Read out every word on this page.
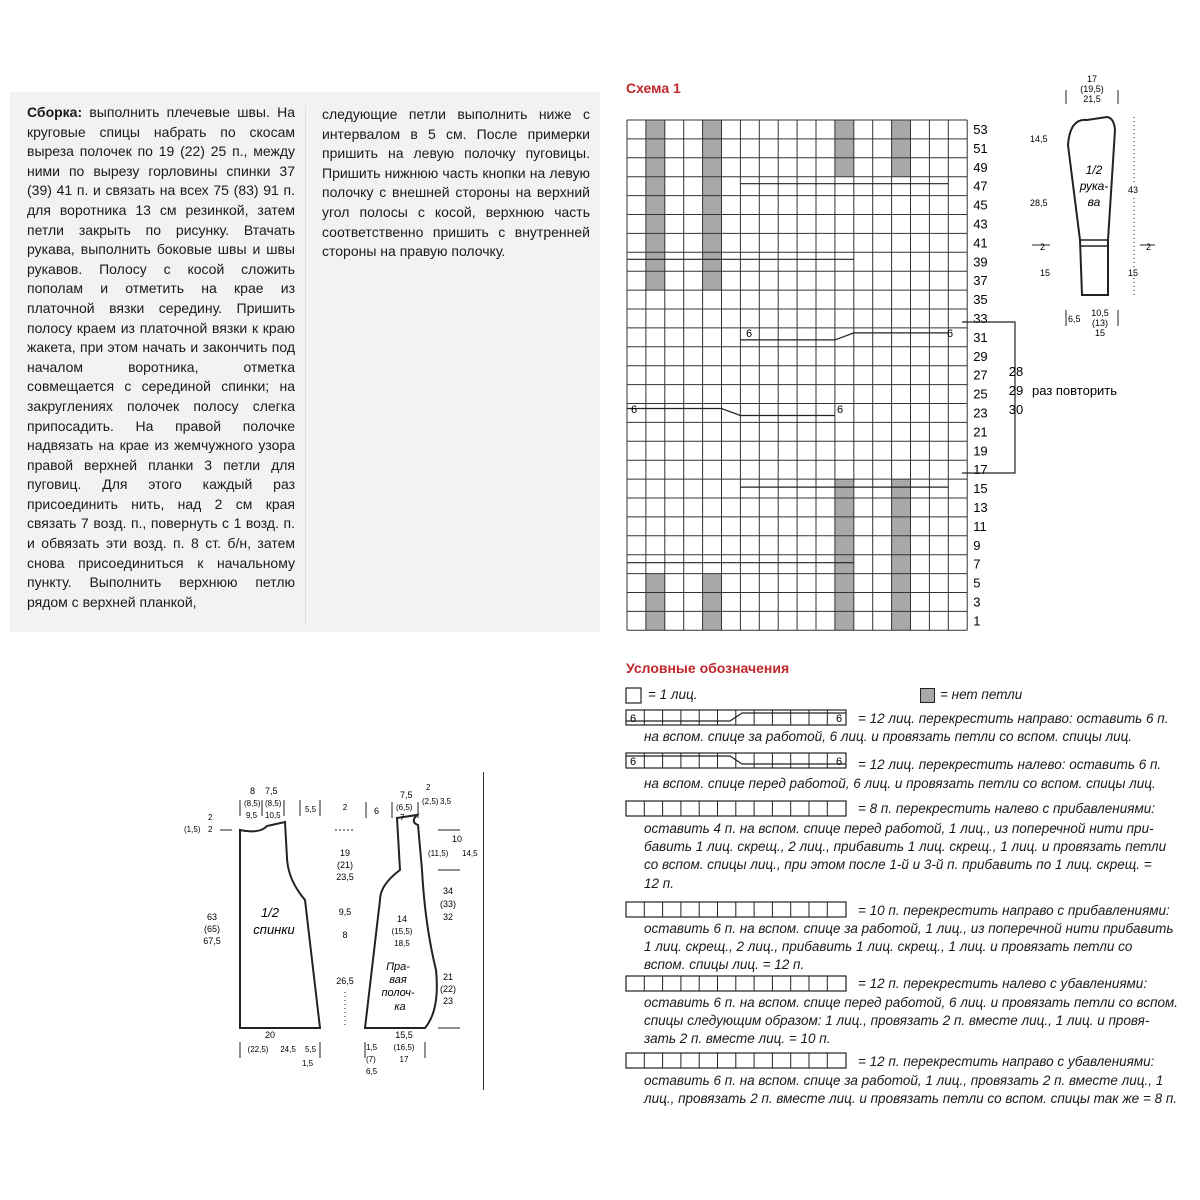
Сборка: выполнить плечевые швы. На круговые спицы набрать по скосам выреза полочек по 19 (22) 25 п., между ними по вырезу горловины спинки 37 (39) 41 п. и связать на всех 75 (83) 91 п. для воротника 13 см резинкой, затем петли закрыть по рисунку. Втачать рукава, выполнить боковые швы и швы рукавов. Полосу с косой сложить пополам и отметить на крае из платочной вязки середину. Пришить полосу краем из платочной вязки к краю жакета, при этом начать и закончить под началом воротника, отметка совмещается с серединой спинки; на закруглениях полочек полосу слегка припосадить. На правой полочке надвязать на крае из жемчужного узора правой верхней планки 3 петли для пуговиц. Для этого каждый раз присоединить нить, над 2 см края связать 7 возд. п., повернуть с 1 возд. п. и обвязать эти возд. п. 8 ст. б/н, затем снова присоединиться к начальному пункту. Выполнить верхнюю петлю рядом с верхней планкой,
следующие петли выполнить ниже с интервалом в 5 см. После примерки пришить на левую полочку пуговицы. Пришить нижнюю часть кнопки на левую полочку с внешней стороны на верхний угол полосы с косой, верхнюю часть соответственно пришить с внутренней стороны на правую полочку.
Схема 1
53
51
49
47
45
43
41
39
37
35
33
31
29
27
25
23
21
19
17
15
13
11
9
7
5
3
1
28
29
30
раз повторить
6	6
6	6
1/2
рука-
ва
17
(19,5)
21,5
14,5
28,5
43
2	2
15	15
6,5
10,5
(13)
15
1/2
спинки
8
(8,5)
9,5
7,5
(8,5)
10,5
5,5
2
(1,5) 2
63
(65)
67,5
2
19
(21)
23,5
9,5
8
26,5
20
(22,5) 24,5 5,5
1,5
Пра-
вая
полоч-
ка
2
7,5
(2,5) 3,5
6 (6,5)
7
10
(11,5) 14,5
34
(33)
32
21
(22)
23
14
(15,5)
18,5
15,5
(16,5)
17
1,5
(7)
6,5
Условные обозначения
6	6
6	6
= 1 лиц.	= нет петли
= 12 лиц. перекрестить направо: оставить 6 п.
на вспом. спице за работой, 6 лиц. и провязать петли со вспом. спицы лиц.
= 12 лиц. перекрестить налево: оставить 6 п.
на вспом. спице перед работой, 6 лиц. и провязать петли со вспом. спицы лиц.
= 8 п. перекрестить налево с прибавлениями:
оставить 4 п. на вспом. спице перед работой, 1 лиц., из поперечной нити при-
бавить 1 лиц. скрещ., 2 лиц., прибавить 1 лиц. скрещ., 1 лиц. и провязать петли
со вспом. спицы лиц., при этом после 1-й и 3-й п. прибавить по 1 лиц. скрещ. =
12 п.
= 10 п. перекрестить направо с прибавлениями:
оставить 6 п. на вспом. спице за работой, 1 лиц., из поперечной нити прибавить
1 лиц. скрещ., 2 лиц., прибавить 1 лиц. скрещ., 1 лиц. и провязать петли со
вспом. спицы лиц. = 12 п.
= 12 п. перекрестить налево с убавлениями:
оставить 6 п. на вспом. спице перед работой, 6 лиц. и провязать петли со вспом.
спицы следующим образом: 1 лиц., провязать 2 п. вместе лиц., 1 лиц. и провя-
зать 2 п. вместе лиц. = 10 п.
= 12 п. перекрестить направо с убавлениями:
оставить 6 п. на вспом. спице за работой, 1 лиц., провязать 2 п. вместе лиц., 1
лиц., провязать 2 п. вместе лиц. и провязать петли со вспом. спицы так же = 8 п.
